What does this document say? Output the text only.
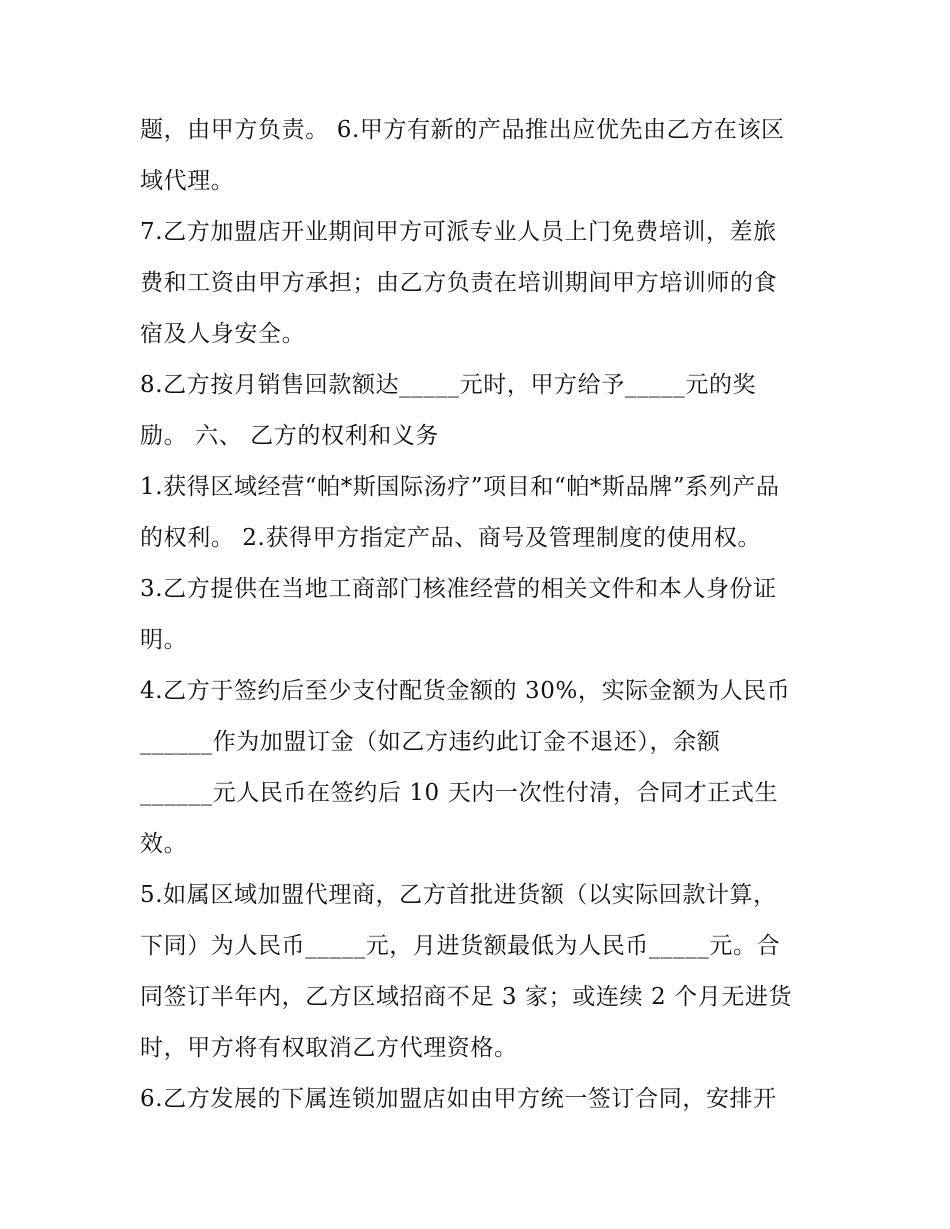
题，由甲方负责。 6.甲方有新的产品推出应优先由乙方在该区
域代理。
7.乙方加盟店开业期间甲方可派专业人员上门免费培训，差旅
费和工资由甲方承担；由乙方负责在培训期间甲方培训师的食
宿及人身安全。
8.乙方按月销售回款额达_____元时，甲方给予_____元的奖
励。 六、 乙方的权利和义务
1.获得区域经营“帕*斯国际汤疗”项目和“帕*斯品牌”系列产品
的权利。 2.获得甲方指定产品、商号及管理制度的使用权。
3.乙方提供在当地工商部门核准经营的相关文件和本人身份证
明。
4.乙方于签约后至少支付配货金额的 30%，实际金额为人民币
______作为加盟订金（如乙方违约此订金不退还），余额
______元人民币在签约后 10 天内一次性付清，合同才正式生
效。
5.如属区域加盟代理商，乙方首批进货额（以实际回款计算，
下同）为人民币_____元，月进货额最低为人民币_____元。合
同签订半年内，乙方区域招商不足 3 家；或连续 2 个月无进货
时，甲方将有权取消乙方代理资格。
6.乙方发展的下属连锁加盟店如由甲方统一签订合同，安排开
